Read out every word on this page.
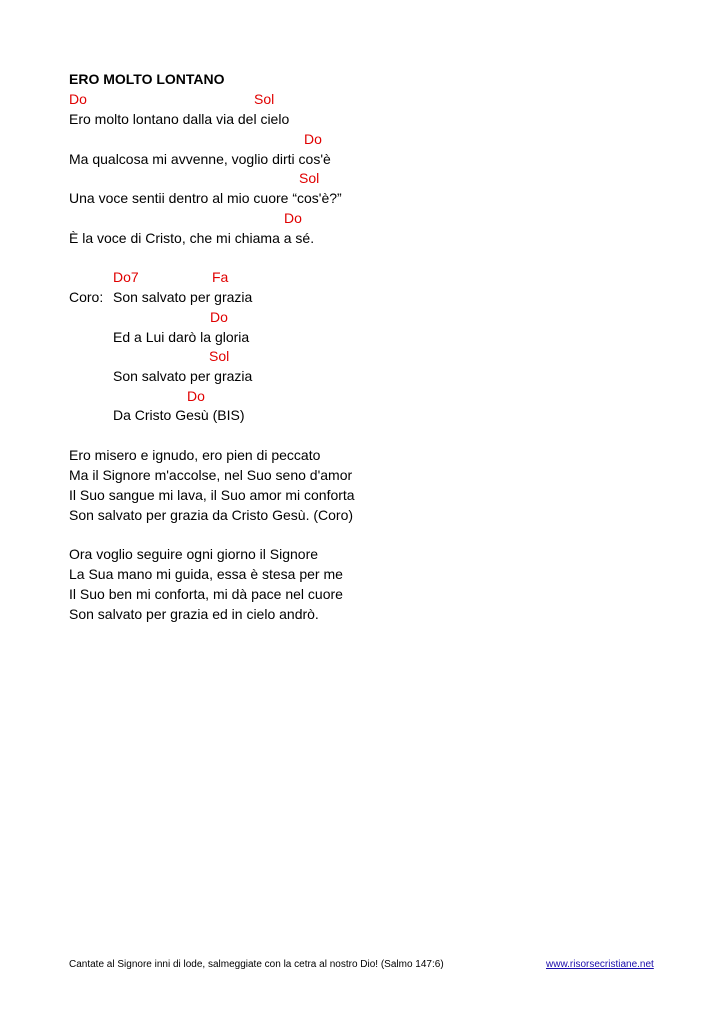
ERO MOLTO LONTANO
Do	Sol
Ero molto lontano dalla via del cielo
Do
Ma qualcosa mi avvenne, voglio dirti cos'è
Sol
Una voce sentii dentro al mio cuore “cos'è?”
Do
È la voce di Cristo, che mi chiama a sé.
Do7	Fa
Coro: Son salvato per grazia
Do
Ed a Lui darò la gloria
Sol
Son salvato per grazia
Do
Da Cristo Gesù (BIS)
Ero misero e ignudo, ero pien di peccato
Ma il Signore m'accolse, nel Suo seno d'amor
Il Suo sangue mi lava, il Suo amor mi conforta
Son salvato per grazia da Cristo Gesù. (Coro)
Ora voglio seguire ogni giorno il Signore
La Sua mano mi guida, essa è stesa per me
Il Suo ben mi conforta, mi dà pace nel cuore
Son salvato per grazia ed in cielo andrò.
Cantate al Signore inni di lode, salmeggiate con la cetra al nostro Dio! (Salmo 147:6)	www.risorsecristiane.net
